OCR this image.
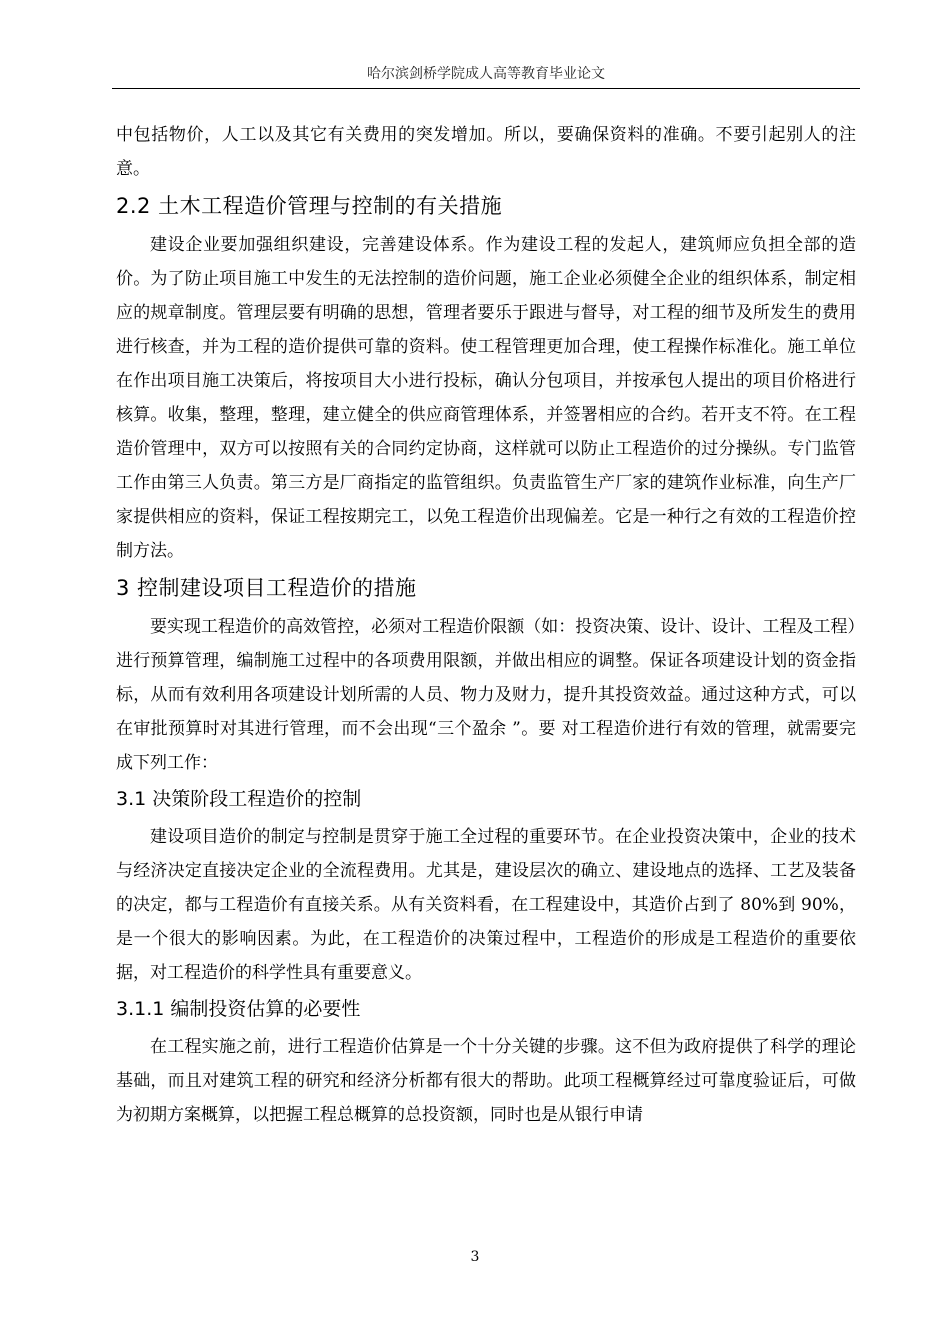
哈尔滨剑桥学院成人高等教育毕业论文

中包括物价，人工以及其它有关费用的突发增加。所以，要确保资料的准确。不要引起别人的注意。

2.2 土木工程造价管理与控制的有关措施

建设企业要加强组织建设，完善建设体系。作为建设工程的发起人，建筑师应负担全部的造价。为了防止项目施工中发生的无法控制的造价问题，施工企业必须健全企业的组织体系，制定相应的规章制度。管理层要有明确的思想，管理者要乐于跟进与督导，对工程的细节及所发生的费用进行核查，并为工程的造价提供可靠的资料。使工程管理更加合理，使工程操作标准化。施工单位在作出项目施工决策后，将按项目大小进行投标，确认分包项目，并按承包人提出的项目价格进行核算。收集，整理，整理，建立健全的供应商管理体系，并签署相应的合约。若开支不符。在工程造价管理中，双方可以按照有关的合同约定协商，这样就可以防止工程造价的过分操纵。专门监管工作由第三人负责。第三方是厂商指定的监管组织。负责监管生产厂家的建筑作业标准，向生产厂家提供相应的资料，保证工程按期完工，以免工程造价出现偏差。它是一种行之有效的工程造价控制方法。

3 控制建设项目工程造价的措施

要实现工程造价的高效管控，必须对工程造价限额（如：投资决策、设计、设计、工程及工程）进行预算管理，编制施工过程中的各项费用限额，并做出相应的调整。保证各项建设计划的资金指标，从而有效利用各项建设计划所需的人员、物力及财力，提升其投资效益。通过这种方式，可以在审批预算时对其进行管理，而不会出现“三个盈余 ”。要 对工程造价进行有效的管理，就需要完成下列工作：

3.1 决策阶段工程造价的控制

建设项目造价的制定与控制是贯穿于施工全过程的重要环节。在企业投资决策中，企业的技术与经济决定直接决定企业的全流程费用。尤其是，建设层次的确立、建设地点的选择、工艺及装备的决定，都与工程造价有直接关系。从有关资料看，在工程建设中，其造价占到了 80%到 90%，是一个很大的影响因素。为此，在工程造价的决策过程中，工程造价的形成是工程造价的重要依据，对工程造价的科学性具有重要意义。

3.1.1 编制投资估算的必要性

在工程实施之前，进行工程造价估算是一个十分关键的步骤。这不但为政府提供了科学的理论基础，而且对建筑工程的研究和经济分析都有很大的帮助。此项工程概算经过可靠度验证后，可做为初期方案概算，以把握工程总概算的总投资额，同时也是从银行申请

3
